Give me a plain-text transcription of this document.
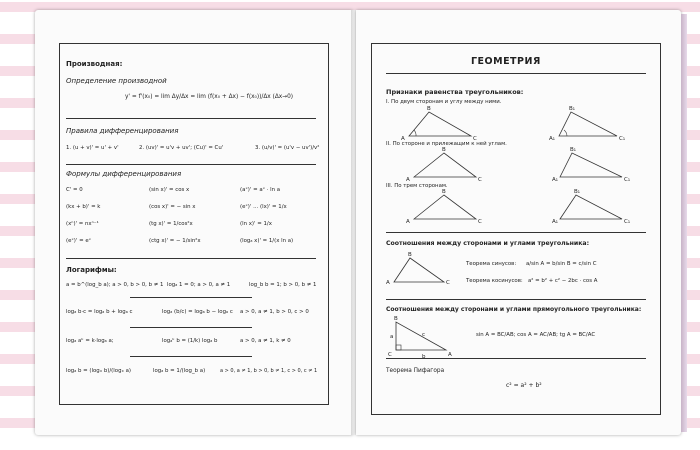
Производная:
Определение производной
y' = f'(x₀) = lim Δy/Δx = lim (f(x₀ + Δx) − f(x₀))/Δx (Δx→0)
Правила дифференцирования
1. (u + v)' = u' + v'	2. (uv)' = u'v + uv'; (Cu)' = Cu'	3. (u/v)' = (u'v − uv')/v²
Формулы дифференцирования
C' = 0	(sin x)' = cos x	(aˣ)' = aˣ · ln a
(kx + b)' = k	(cos x)' = − sin x	(eˣ)' ... (lx)' = 1/x
(xⁿ)' = nxⁿ⁻¹	(tg x)' = 1/cos²x	(ln x)' = 1/x
(eˣ)' = eˣ	(ctg x)' = − 1/sin²x	(logₐ x)' = 1/(x ln a)
Логарифмы:
a = b^(log_b a); a > 0, b > 0, b ≠ 1 logₐ 1 = 0; a > 0, a ≠ 1	log_b b = 1; b > 0, b ≠ 1
logₐ b·c = logₐ b + logₐ c	logₐ (b/c) = logₐ b − logₐ c a > 0, a ≠ 1, b > 0, c > 0
logₐ aᵏ = k·logₐ a;	logₐᵏ b = (1/k) logₐ b	a > 0, a ≠ 1, k ≠ 0
logₐ b = (logₓ b)/(logₓ a)	logₐ b = 1/(log_b a)	a > 0, a ≠ 1, b > 0, b ≠ 1, c > 0, c ≠ 1
ГЕОМЕТРИЯ
Признаки равенства треугольников:
I. По двум сторонам и углу между ними.
II. По стороне и прилежащим к ней углам.
III. По трем сторонам.
A
B
C	A₁
B₁
C₁
A
B
C	A₁
B₁
C₁
A
B
C	A₁
B₁
C₁
Соотношения между сторонами и углами треугольника:
A
B
C
Теорема синусов: a/sin A = b/sin B = c/sin C
Теорема косинусов: a² = b² + c² − 2bc · cos A
Соотношения между сторонами и углами прямоугольного треугольника:
B
C	A
a
b
c	sin A = BC/AB; cos A = AC/AB; tg A = BC/AC
Теорема Пифагора
c² = a² + b²
